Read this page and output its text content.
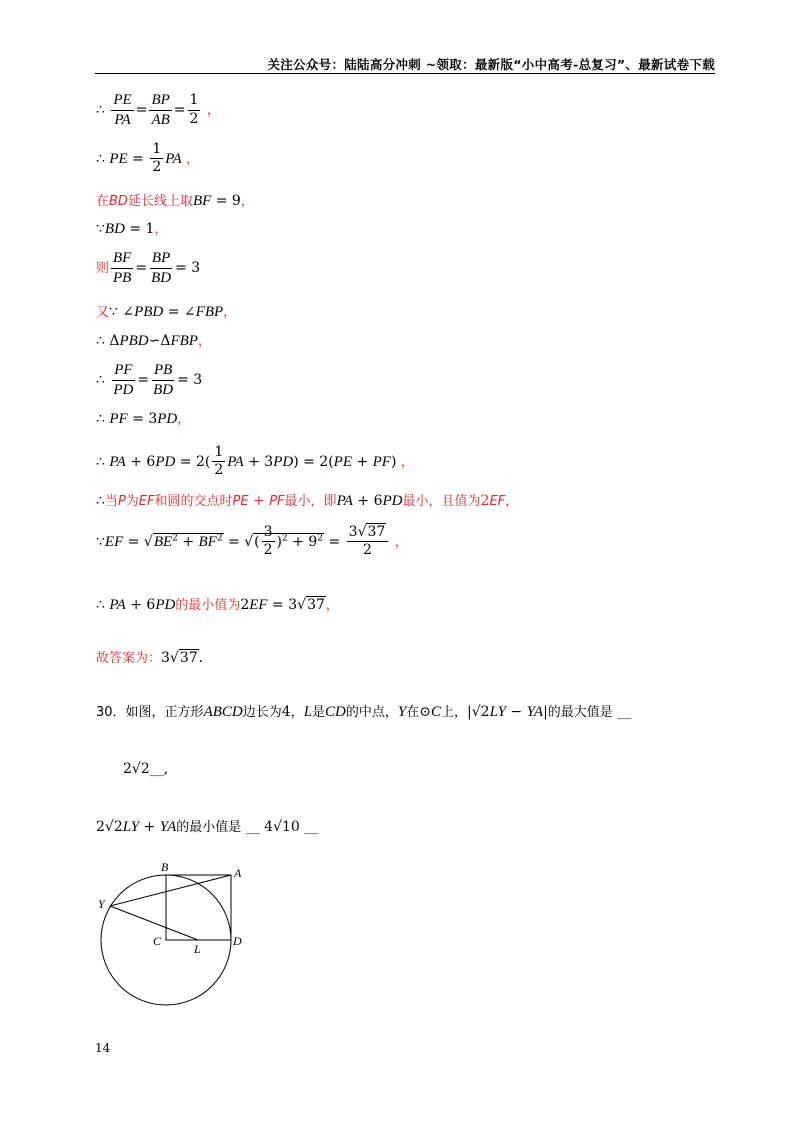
关注公众号：陆陆高分冲刺 ~领取：最新版“小中高考-总复习”、最新试卷下载
∴ $\frac{PE}{PA} = \frac{BP}{AB} = \frac{1}{2}$ ，
∴ PE = $\frac{1}{2}$ PA ，
在BD延长线上取BF = 9，
∵BD = 1，
则 $\frac{BF}{PB} = \frac{BP}{BD} = 3$
又∵ ∠PBD = ∠FBP，
∴ ΔPBD∽ΔFBP，
∴ $\frac{PF}{PD} = \frac{PB}{BD} = 3$
∴ PF = 3PD，
∴ PA + $6PD = 2( \frac{1}{2}$ PA + 3PD) = 2(PE + PF) ，
∴当P为EF和圆的交点时PE + PF最小，即PA + 6PD最小，且值为2EF，
∵EF = $√BE^2 + BF^2$ = √( $\frac{3}{2} )^2 + 9^2 = \frac{3√37}{2}$ ，
∴ PA + 6PD的最小值为2EF = 3√37，
故答案为：3√37.
30．如图，正方形ABCD边长为4，L是CD的中点，Y在⊙C上，|√2LY − YA|的最大值是 __
2√2__,
2√2LY + YA的最小值是 __ 4√10 __
B	A
Y
C
L
D
14
